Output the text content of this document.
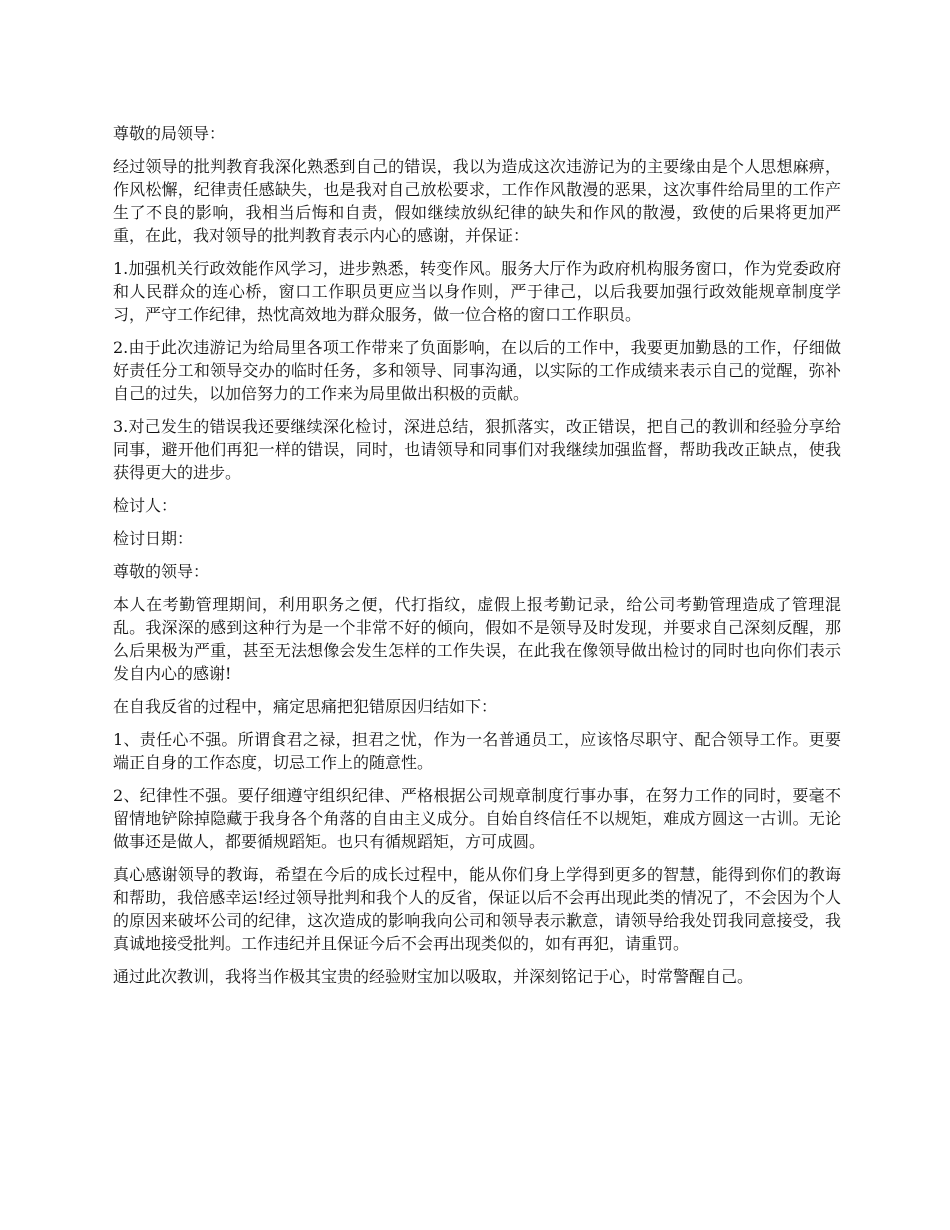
尊敬的局领导：

经过领导的批判教育我深化熟悉到自己的错误，我以为造成这次违游记为的主要缘由是个人思想麻痹，作风松懈，纪律责任感缺失，也是我对自己放松要求，工作作风散漫的恶果，这次事件给局里的工作产生了不良的影响，我相当后悔和自责，假如继续放纵纪律的缺失和作风的散漫，致使的后果将更加严重，在此，我对领导的批判教育表示内心的感谢，并保证：

1.加强机关行政效能作风学习，进步熟悉，转变作风。服务大厅作为政府机构服务窗口，作为党委政府和人民群众的连心桥，窗口工作职员更应当以身作则，严于律己，以后我要加强行政效能规章制度学习，严守工作纪律，热忱高效地为群众服务，做一位合格的窗口工作职员。

2.由于此次违游记为给局里各项工作带来了负面影响，在以后的工作中，我要更加勤恳的工作，仔细做好责任分工和领导交办的临时任务，多和领导、同事沟通，以实际的工作成绩来表示自己的觉醒，弥补自己的过失，以加倍努力的工作来为局里做出积极的贡献。

3.对己发生的错误我还要继续深化检讨，深进总结，狠抓落实，改正错误，把自己的教训和经验分享给同事，避开他们再犯一样的错误，同时，也请领导和同事们对我继续加强监督，帮助我改正缺点，使我获得更大的进步。

检讨人：

检讨日期：

尊敬的领导：

本人在考勤管理期间，利用职务之便，代打指纹，虚假上报考勤记录，给公司考勤管理造成了管理混乱。我深深的感到这种行为是一个非常不好的倾向，假如不是领导及时发现，并要求自己深刻反醒，那么后果极为严重，甚至无法想像会发生怎样的工作失误，在此我在像领导做出检讨的同时也向你们表示发自内心的感谢!

在自我反省的过程中，痛定思痛把犯错原因归结如下：

1、责任心不强。所谓食君之禄，担君之忧，作为一名普通员工，应该恪尽职守、配合领导工作。更要端正自身的工作态度，切忌工作上的随意性。

2、纪律性不强。要仔细遵守组织纪律、严格根据公司规章制度行事办事，在努力工作的同时，要毫不留情地铲除掉隐藏于我身各个角落的自由主义成分。自始自终信任不以规矩，难成方圆这一古训。无论做事还是做人，都要循规蹈矩。也只有循规蹈矩，方可成圆。

真心感谢领导的教诲，希望在今后的成长过程中，能从你们身上学得到更多的智慧，能得到你们的教诲和帮助，我倍感幸运!经过领导批判和我个人的反省，保证以后不会再出现此类的情况了，不会因为个人的原因来破坏公司的纪律，这次造成的影响我向公司和领导表示歉意，请领导给我处罚我同意接受，我真诚地接受批判。工作违纪并且保证今后不会再出现类似的，如有再犯，请重罚。

通过此次教训，我将当作极其宝贵的经验财宝加以吸取，并深刻铭记于心，时常警醒自己。
